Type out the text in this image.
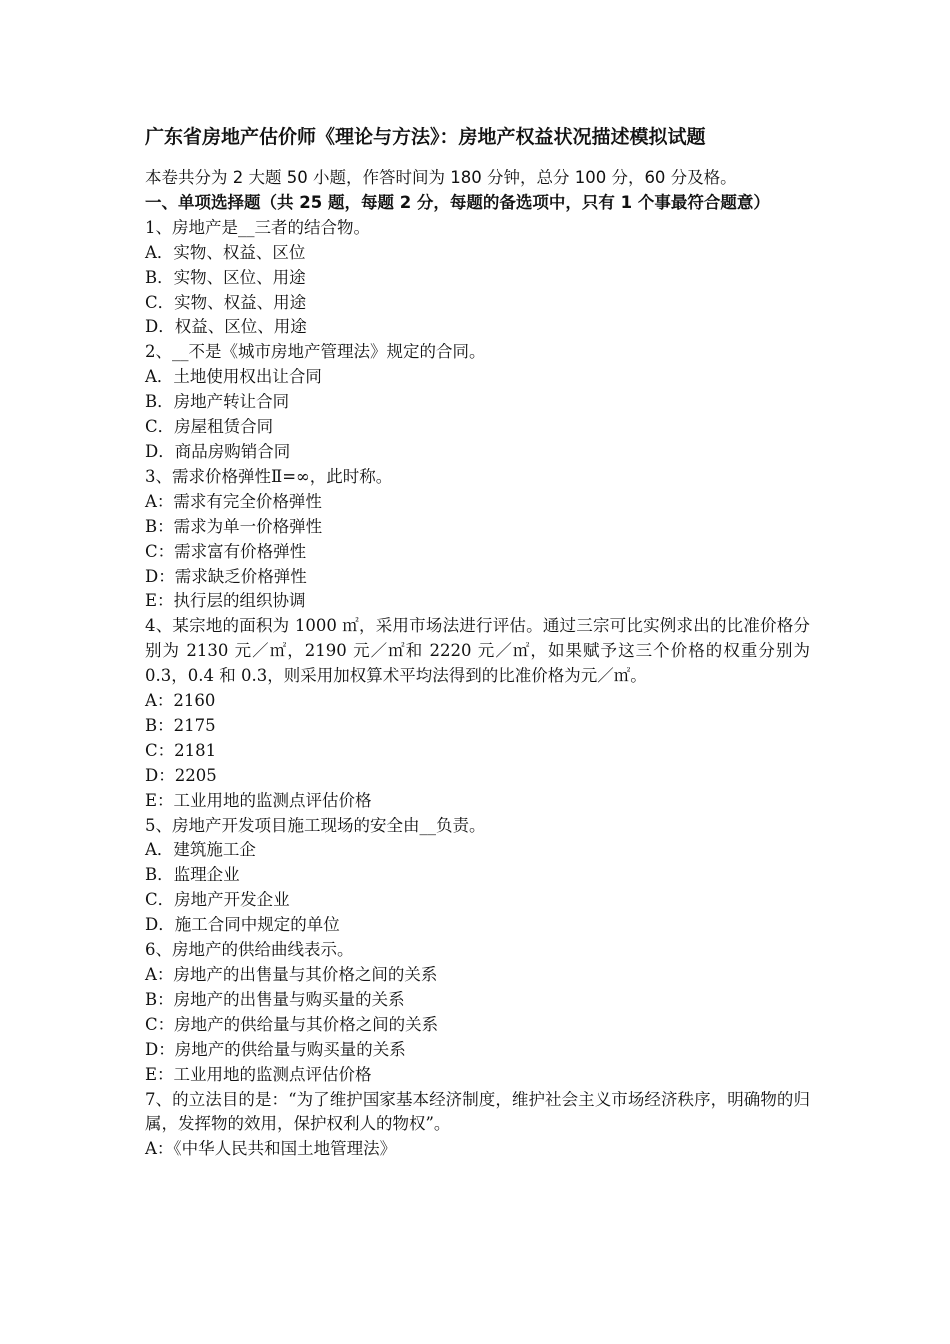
广东省房地产估价师《理论与方法》：房地产权益状况描述模拟试题
本卷共分为 2 大题 50 小题，作答时间为 180 分钟，总分 100 分，60 分及格。
一、单项选择题（共 25 题，每题 2 分，每题的备选项中，只有 1 个事最符合题意）
1、房地产是__三者的结合物。
A．实物、权益、区位
B．实物、区位、用途
C．实物、权益、用途
D．权益、区位、用途
2、__不是《城市房地产管理法》规定的合同。
A．土地使用权出让合同
B．房地产转让合同
C．房屋租赁合同
D．商品房购销合同
3、需求价格弹性Ⅱ=∞，此时称。
A：需求有完全价格弹性
B：需求为单一价格弹性
C：需求富有价格弹性
D：需求缺乏价格弹性
E：执行层的组织协调
4、某宗地的面积为 1000 ㎡，采用市场法进行评估。通过三宗可比实例求出的比准价格分别为 2130 元／㎡，2190 元／㎡和 2220 元／㎡，如果赋予这三个价格的权重分别为 0.3，0.4 和 0.3，则采用加权算术平均法得到的比准价格为元／㎡。
A：2160
B：2175
C：2181
D：2205
E：工业用地的监测点评估价格
5、房地产开发项目施工现场的安全由__负责。
A．建筑施工企
B．监理企业
C．房地产开发企业
D．施工合同中规定的单位
6、房地产的供给曲线表示。
A：房地产的出售量与其价格之间的关系
B：房地产的出售量与购买量的关系
C：房地产的供给量与其价格之间的关系
D：房地产的供给量与购买量的关系
E：工业用地的监测点评估价格
7、的立法目的是：“为了维护国家基本经济制度，维护社会主义市场经济秩序，明确物的归属，发挥物的效用，保护权利人的物权”。
A：《中华人民共和国土地管理法》
